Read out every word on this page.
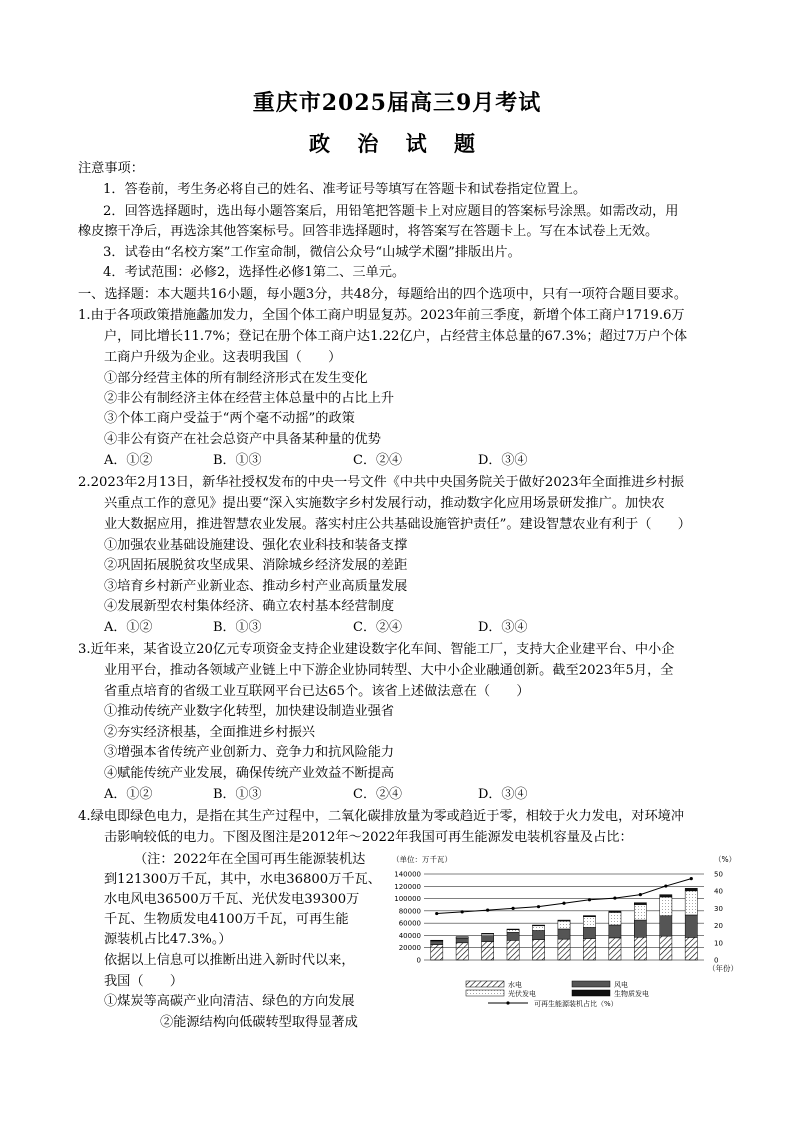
重庆市2025届高三9月考试
政 治 试 题
注意事项：
1．答卷前，考生务必将自己的姓名、准考证号等填写在答题卡和试卷指定位置上。
2．回答选择题时，选出每小题答案后，用铅笔把答题卡上对应题目的答案标号涂黑。如需改动，用
橡皮擦干净后，再选涂其他答案标号。回答非选择题时，将答案写在答题卡上。写在本试卷上无效。
3．试卷由“名校方案”工作室命制，微信公众号“山城学术圈”排版出片。
4．考试范围：必修2，选择性必修1第二、三单元。
一、选择题：本大题共16小题，每小题3分，共48分，每题给出的四个选项中，只有一项符合题目要求。
1.由于各项政策措施蠡加发力，全国个体工商户明显复苏。2023年前三季度，新增个体工商户1719.6万
户，同比增长11.7%；登记在册个体工商户达1.22亿户，占经营主体总量的67.3%；超过7万户个体
工商户升级为企业。这表明我国（　　）
①部分经营主体的所有制经济形式在发生变化
②非公有制经济主体在经营主体总量中的占比上升
③个体工商户受益于“两个毫不动摇”的政策
④非公有资产在社会总资产中具备某种量的优势
A．①②	B．①③	C．②④	D．③④
2.2023年2月13日，新华社授权发布的中央一号文件《中共中央国务院关于做好2023年全面推进乡村振
兴重点工作的意见》提出要“深入实施数字乡村发展行动，推动数字化应用场景研发推广。加快农
业大数据应用，推进智慧农业发展。落实村庄公共基础设施管护责任”。建设智慧农业有利于（　　）
①加强农业基础设施建设、强化农业科技和装备支撑
②巩固拓展脱贫攻坚成果、消除城乡经济发展的差距
③培育乡村新产业新业态、推动乡村产业高质量发展
④发展新型农村集体经济、确立农村基本经营制度
A．①②	B．①③	C．②④	D．③④
3.近年来，某省设立20亿元专项资金支持企业建设数字化车间、智能工厂，支持大企业建平台、中小企
业用平台，推动各领域产业链上中下游企业协同转型、大中小企业融通创新。截至2023年5月，全
省重点培育的省级工业互联网平台已达65个。该省上述做法意在（　　）
①推动传统产业数字化转型，加快建设制造业强省
②夯实经济根基，全面推进乡村振兴
③增强本省传统产业创新力、竞争力和抗风险能力
④赋能传统产业发展，确保传统产业效益不断提高
A．①②	B．①③	C．②④	D．③④
4.绿电即绿色电力，是指在其生产过程中，二氧化碳排放量为零或趋近于零，相较于火力发电，对环境冲
击影响较低的电力。下图及图注是2012年～2022年我国可再生能源发电装机容量及占比：
（注：2022年在全国可再生能源装机达
到121300万千瓦，其中，水电36800万千瓦、
水电风电36500万千瓦、光伏发电39300万
千瓦、生物质发电4100万千瓦，可再生能
源装机占比47.3%。）
依据以上信息可以推断出进入新时代以来，
我国（　　）
①煤炭等高碳产业向清洁、绿色的方向发展
②能源结构向低碳转型取得显著成
（单位：万千瓦）	（%）
（年份）
140000
120000
100000
80000
60000
40000
20000
0
50
40
30
20
10
0
水电	风电
光伏发电	生物质发电
可再生能源装机占比（%）
